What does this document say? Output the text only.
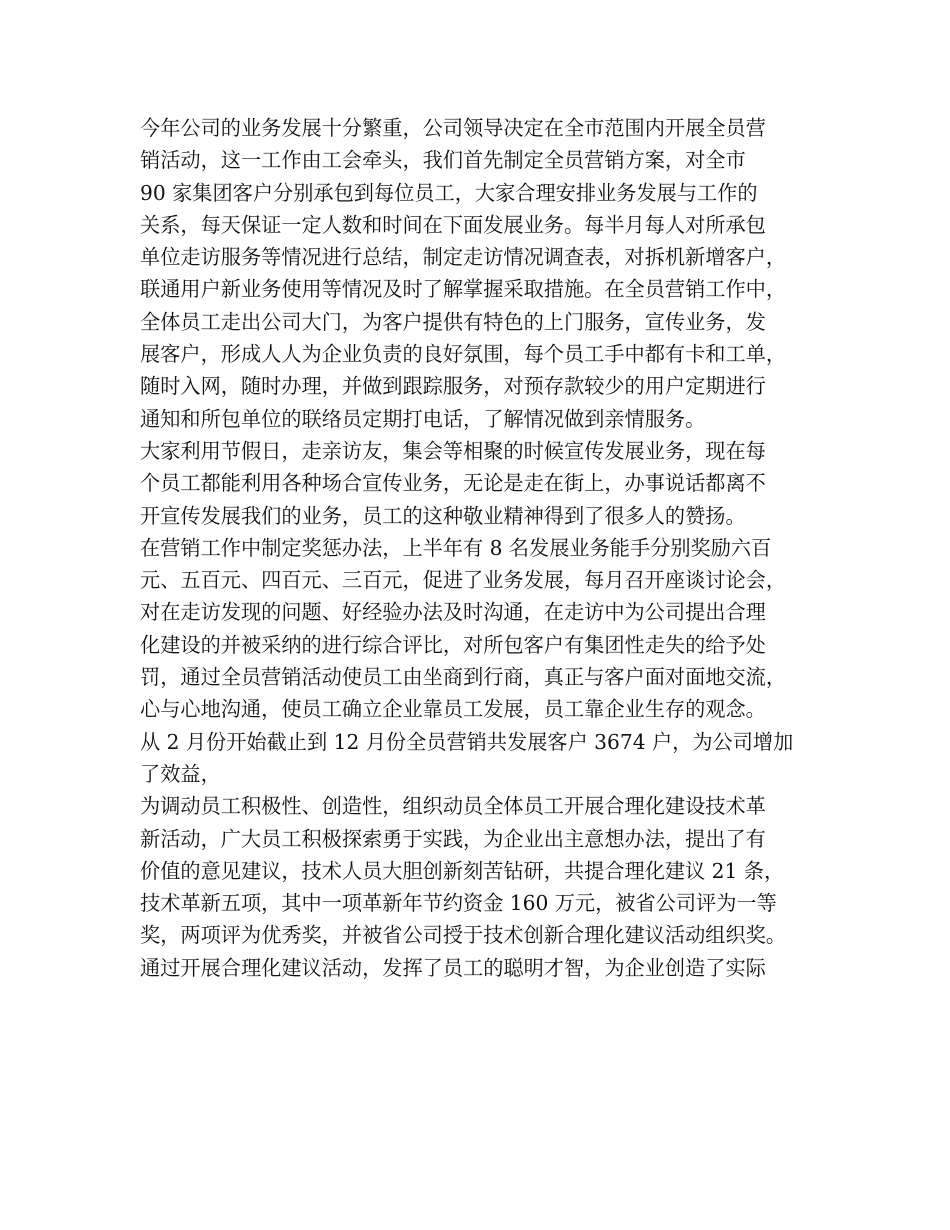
今年公司的业务发展十分繁重，公司领导决定在全市范围内开展全员营
销活动，这一工作由工会牵头，我们首先制定全员营销方案，对全市
90 家集团客户分别承包到每位员工，大家合理安排业务发展与工作的
关系，每天保证一定人数和时间在下面发展业务。每半月每人对所承包
单位走访服务等情况进行总结，制定走访情况调查表，对拆机新增客户，
联通用户新业务使用等情况及时了解掌握采取措施。在全员营销工作中，
全体员工走出公司大门，为客户提供有特色的上门服务，宣传业务，发
展客户，形成人人为企业负责的良好氛围，每个员工手中都有卡和工单，
随时入网，随时办理，并做到跟踪服务，对预存款较少的用户定期进行
通知和所包单位的联络员定期打电话，了解情况做到亲情服务。
大家利用节假日，走亲访友，集会等相聚的时候宣传发展业务，现在每
个员工都能利用各种场合宣传业务，无论是走在街上，办事说话都离不
开宣传发展我们的业务，员工的这种敬业精神得到了很多人的赞扬。
在营销工作中制定奖惩办法，上半年有 8 名发展业务能手分别奖励六百
元、五百元、四百元、三百元，促进了业务发展，每月召开座谈讨论会，
对在走访发现的问题、好经验办法及时沟通，在走访中为公司提出合理
化建设的并被采纳的进行综合评比，对所包客户有集团性走失的给予处
罚，通过全员营销活动使员工由坐商到行商，真正与客户面对面地交流，
心与心地沟通，使员工确立企业靠员工发展，员工靠企业生存的观念。
从 2 月份开始截止到 12 月份全员营销共发展客户 3674 户，为公司增加
了效益，
为调动员工积极性、创造性，组织动员全体员工开展合理化建设技术革
新活动，广大员工积极探索勇于实践，为企业出主意想办法，提出了有
价值的意见建议，技术人员大胆创新刻苦钻研，共提合理化建议 21 条，
技术革新五项，其中一项革新年节约资金 160 万元，被省公司评为一等
奖，两项评为优秀奖，并被省公司授于技术创新合理化建议活动组织奖。
通过开展合理化建议活动，发挥了员工的聪明才智，为企业创造了实际
